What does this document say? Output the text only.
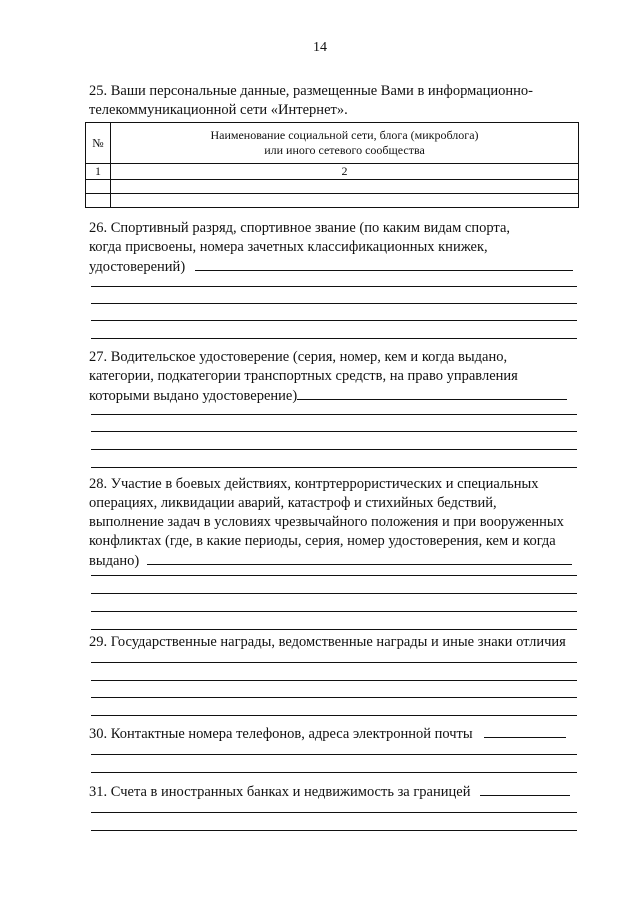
14
25. Ваши персональные данные, размещенные Вами в информационно-
телекоммуникационной сети «Интернет».
№	Наименование социальной сети, блога (микроблога)
или иного сетевого сообщества

1	2

26. Спортивный разряд, спортивное звание (по каким видам спорта,
когда присвоены, номера зачетных классификационных книжек,
удостоверений)
27. Водительское удостоверение (серия, номер, кем и когда выдано,
категории, подкатегории транспортных средств, на право управления
которыми выдано удостоверение)
28. Участие в боевых действиях, контртеррористических и специальных
операциях, ликвидации аварий, катастроф и стихийных бедствий,
выполнение задач в условиях чрезвычайного положения и при вооруженных
конфликтах (где, в какие периоды, серия, номер удостоверения, кем и когда
выдано)
29. Государственные награды, ведомственные награды и иные знаки отличия
30. Контактные номера телефонов, адреса электронной почты
31. Счета в иностранных банках и недвижимость за границей
